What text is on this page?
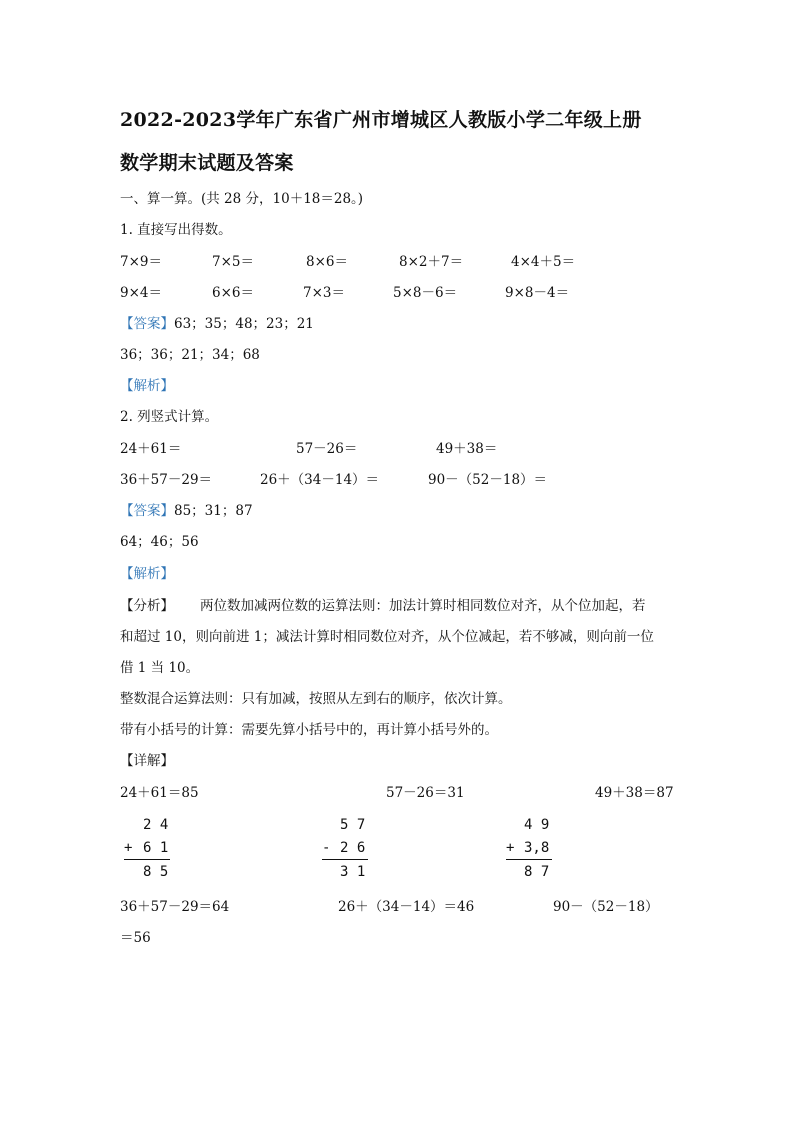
2022-2023学年广东省广州市增城区人教版小学二年级上册
数学期末试题及答案
一、算一算。(共 28 分，10＋18＝28。)
1. 直接写出得数。
7×9＝	7×5＝	8×6＝	8×2＋7＝	4×4＋5＝
9×4＝	6×6＝	7×3＝	5×8－6＝	9×8－4＝
【答案】63；35；48；23；21
36；36；21；34；68
【解析】
2. 列竖式计算。
24＋61＝	57－26＝	49＋38＝
36＋57－29＝	26＋（34－14）＝	90－（52－18）＝
【答案】85；31；87
64；46；56
【解析】
【分析】 两位数加减两位数的运算法则：加法计算时相同数位对齐，从个位加起，若
和超过 10，则向前进 1；减法计算时相同数位对齐，从个位减起，若不够减，则向前一位
借 1 当 10。
整数混合运算法则：只有加减，按照从左到右的顺序，依次计算。
带有小括号的计算：需要先算小括号中的，再计算小括号外的。
【详解】
24＋61＝85	57－26＝31	49＋38＝87
2 4
+ 6 1
8 5
5 7
- 2 6
3 1
4 9
+ 3,8
8 7
36＋57－29＝64	26＋（34－14）＝46	90－（52－18）
＝56
